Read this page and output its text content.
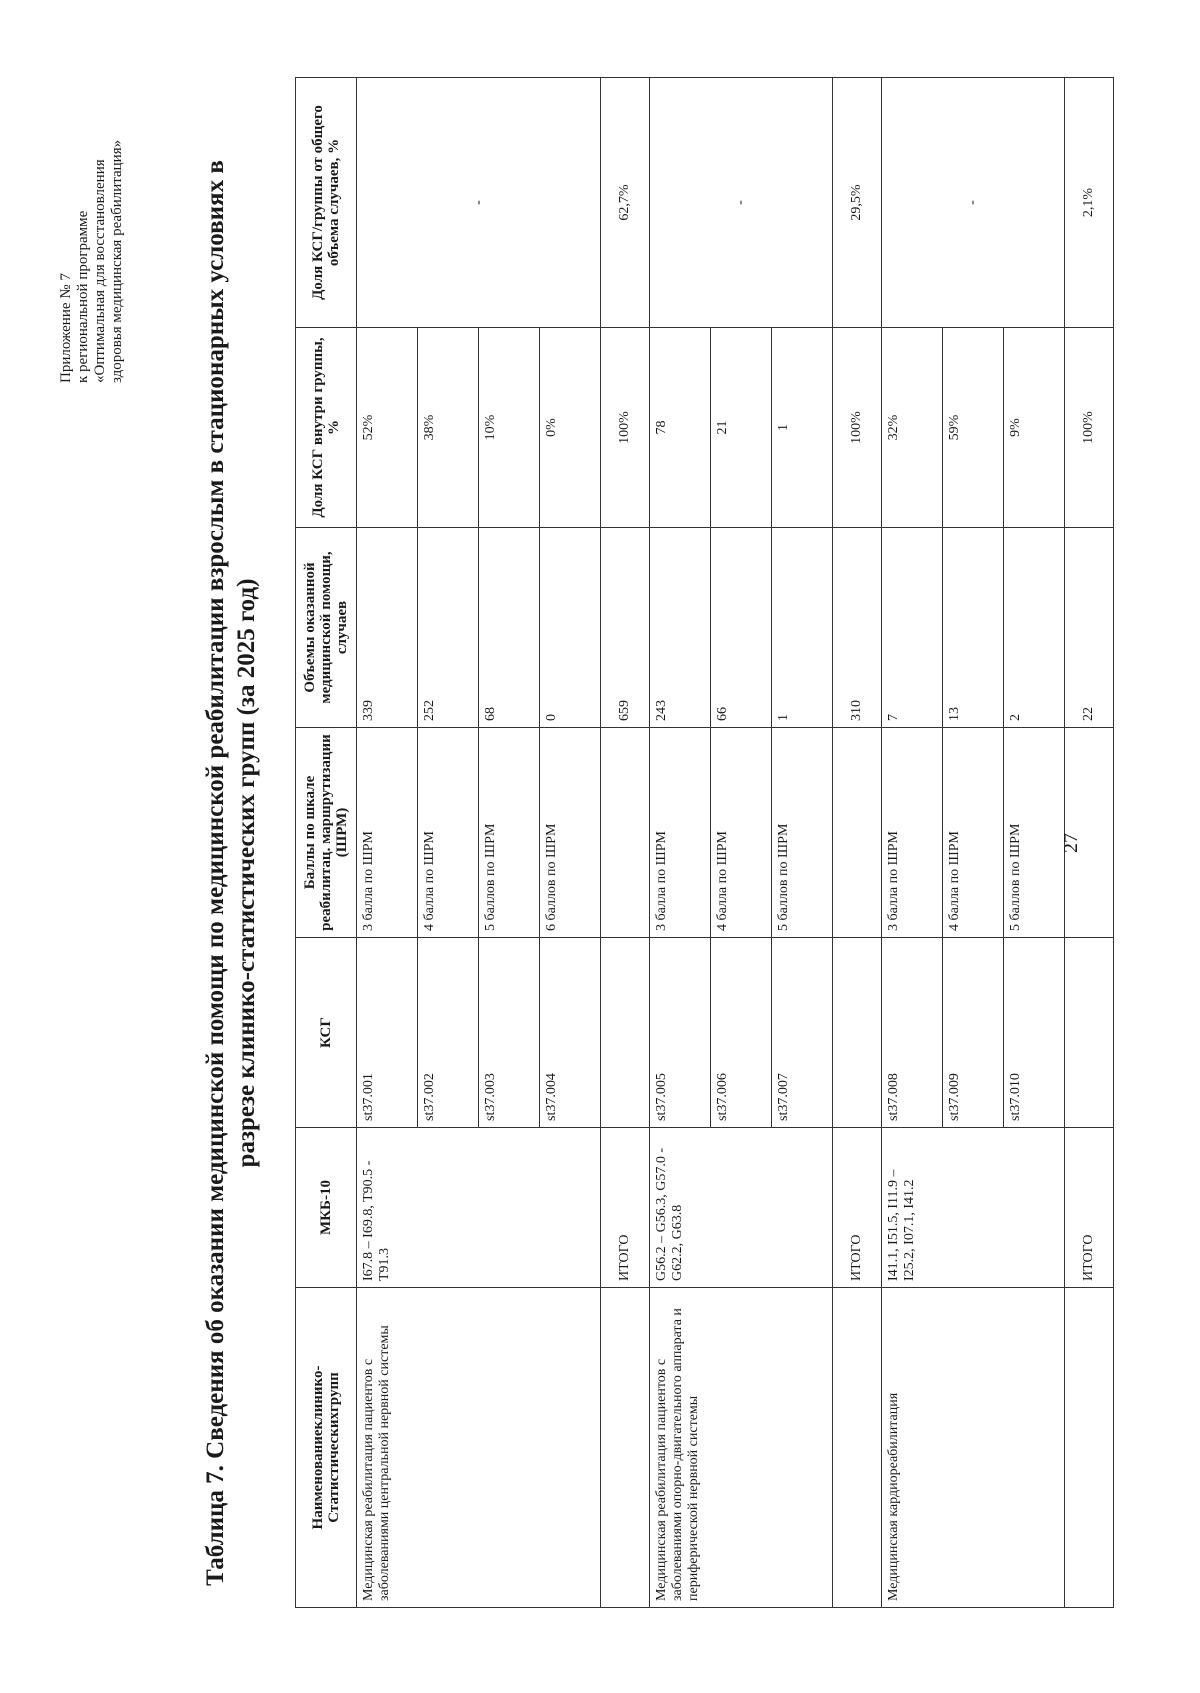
Приложение № 7 к региональной программе «Оптимальная для восстановления здоровья медицинская реабилитация»	Таблица 7. Сведения об оказании медицинской помощи по медицинской реабилитации взрослым в стационарных условиях в разрезе клинико-статистических групп (за 2025 год)
Наименованиеклинико-Статистическихгрупп	МКБ-10	КСГ	Баллы по шкале реабилитац. маршрутизации (ШРМ)	Объемы оказанной медицинской помощи, случаев	Доля КСГ внутри группы, %	Доля КСГ/группы от общего объема случаев, %
Медицинская реабилитация пациентов с заболеваниями центральной нервной системы	I67.8 – I69.8, T90.5 -T91.3	st37.001	3 балла по ШРМ	339	52%	-
		st37.002	4 балла по ШРМ	252	38%	
		st37.003	5 баллов по ШРМ	68	10%	
		st37.004	6 баллов по ШРМ	0	0%	
	ИТОГО			659	100%	62,7%
Медицинская реабилитация пациентов с заболеваниями опорно-двигательного аппарата и периферической нервной системы	G56.2 – G56.3, G57.0 - G62.2, G63.8	st37.005	3 балла по ШРМ	243	78	-
		st37.006	4 балла по ШРМ	66	21	
		st37.007	5 баллов по ШРМ	1	1	
	ИТОГО			310	100%	29,5%
Медицинская кардиореабилитация	I41.1, I51.5, I11.9 – I25.2, I07.1, I41.2	st37.008	3 балла по ШРМ	7	32%	-
		st37.009	4 балла по ШРМ	13	59%	
		st37.010	5 баллов по ШРМ	2	9%	
	ИТОГО			22	100%	2,1%
27
